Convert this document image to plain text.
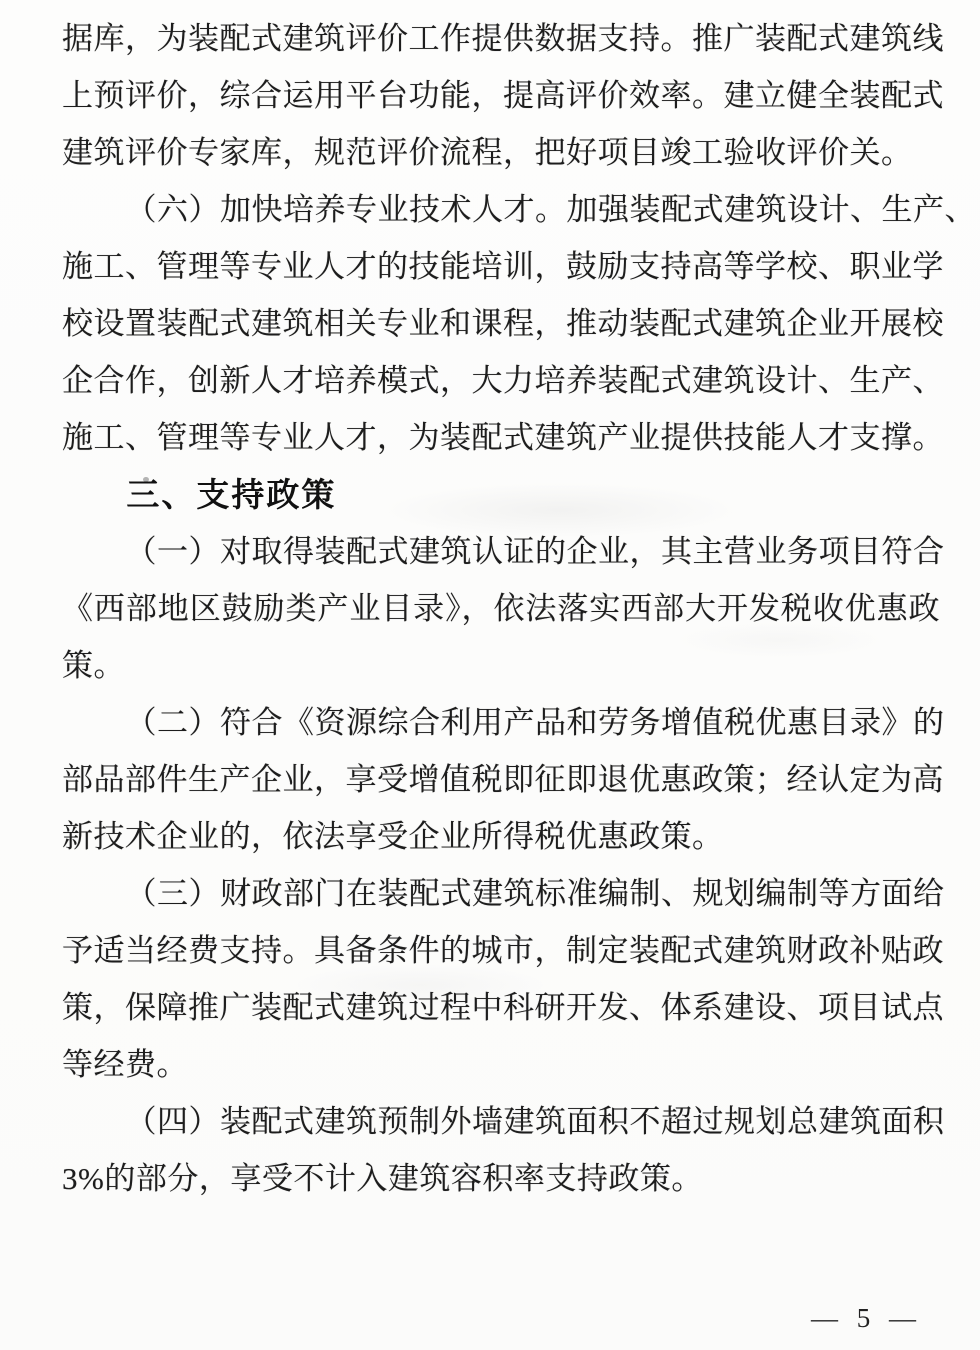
据库，为装配式建筑评价工作提供数据支持。推广装配式建筑线
上预评价，综合运用平台功能，提高评价效率。建立健全装配式
建筑评价专家库，规范评价流程，把好项目竣工验收评价关。
（六）加快培养专业技术人才。加强装配式建筑设计、生产、
施工、管理等专业人才的技能培训，鼓励支持高等学校、职业学
校设置装配式建筑相关专业和课程，推动装配式建筑企业开展校
企合作，创新人才培养模式，大力培养装配式建筑设计、生产、
施工、管理等专业人才，为装配式建筑产业提供技能人才支撑。
三、支持政策
（一）对取得装配式建筑认证的企业，其主营业务项目符合
《西部地区鼓励类产业目录》，依法落实西部大开发税收优惠政
策。
（二）符合《资源综合利用产品和劳务增值税优惠目录》的
部品部件生产企业，享受增值税即征即退优惠政策；经认定为高
新技术企业的，依法享受企业所得税优惠政策。
（三）财政部门在装配式建筑标准编制、规划编制等方面给
予适当经费支持。具备条件的城市，制定装配式建筑财政补贴政
策，保障推广装配式建筑过程中科研开发、体系建设、项目试点
等经费。
（四）装配式建筑预制外墙建筑面积不超过规划总建筑面积
3%的部分，享受不计入建筑容积率支持政策。
— 5 —
